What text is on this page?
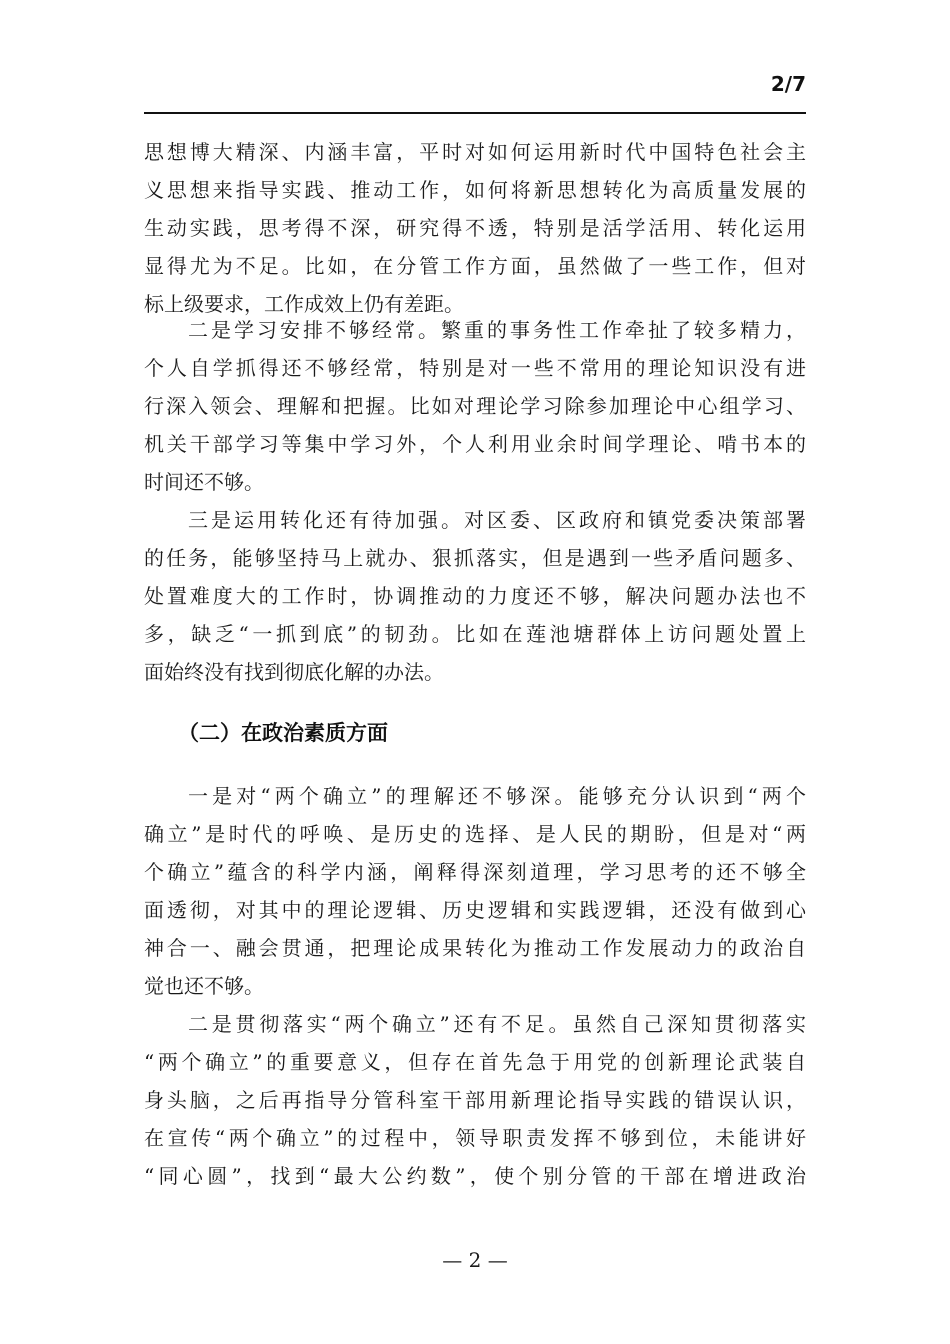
2/7
思想博大精深、内涵丰富，平时对如何运用新时代中国特色社会主
义思想来指导实践、推动工作，如何将新思想转化为高质量发展的
生动实践，思考得不深，研究得不透，特别是活学活用、转化运用
显得尤为不足。比如，在分管工作方面，虽然做了一些工作，但对
标上级要求，工作成效上仍有差距。
二是学习安排不够经常。繁重的事务性工作牵扯了较多精力，
个人自学抓得还不够经常，特别是对一些不常用的理论知识没有进
行深入领会、理解和把握。比如对理论学习除参加理论中心组学习、
机关干部学习等集中学习外，个人利用业余时间学理论、啃书本的
时间还不够。
三是运用转化还有待加强。对区委、区政府和镇党委决策部署
的任务，能够坚持马上就办、狠抓落实，但是遇到一些矛盾问题多、
处置难度大的工作时，协调推动的力度还不够，解决问题办法也不
多，缺乏“一抓到底”的韧劲。比如在莲池塘群体上访问题处置上
面始终没有找到彻底化解的办法。
一是对“两个确立”的理解还不够深。能够充分认识到“两个
确立”是时代的呼唤、是历史的选择、是人民的期盼，但是对“两
个确立”蕴含的科学内涵，阐释得深刻道理，学习思考的还不够全
面透彻，对其中的理论逻辑、历史逻辑和实践逻辑，还没有做到心
神合一、融会贯通，把理论成果转化为推动工作发展动力的政治自
觉也还不够。
二是贯彻落实“两个确立”还有不足。虽然自己深知贯彻落实
“两个确立”的重要意义，但存在首先急于用党的创新理论武装自
身头脑，之后再指导分管科室干部用新理论指导实践的错误认识，
在宣传“两个确立”的过程中，领导职责发挥不够到位，未能讲好
“同心圆”，找到“最大公约数”，使个别分管的干部在增进政治
（二）在政治素质方面
— 2 —
